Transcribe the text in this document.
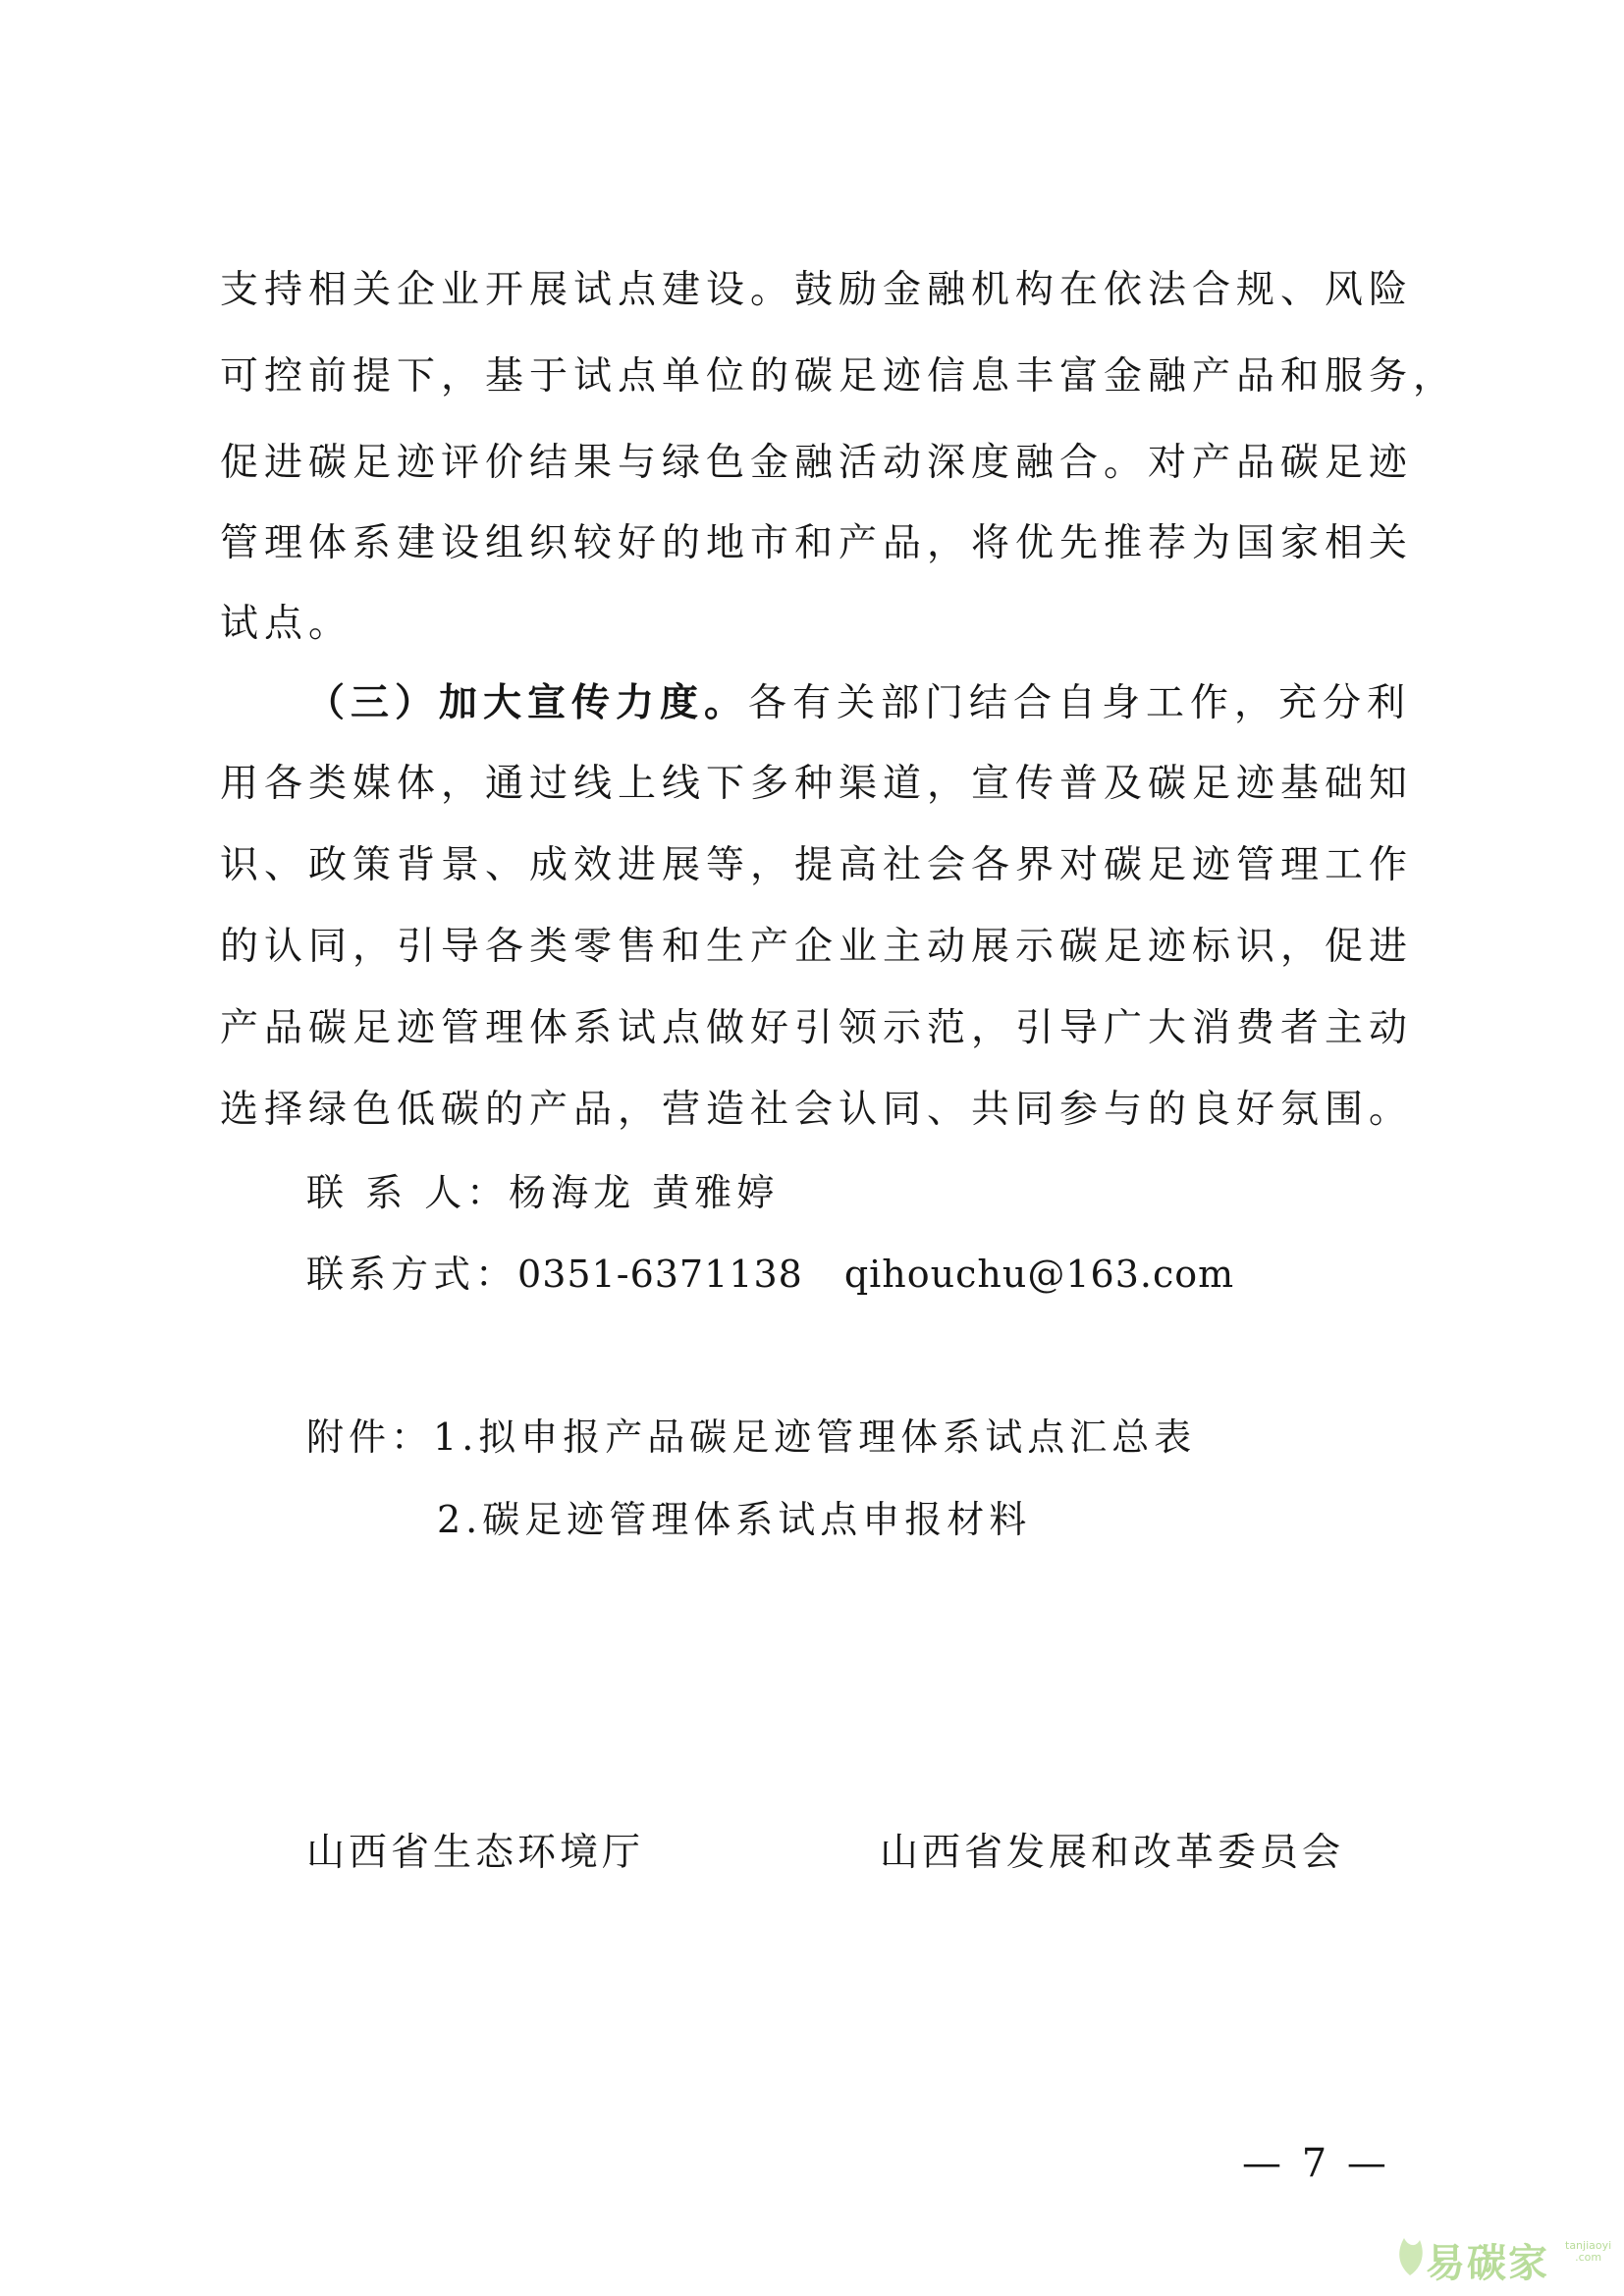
支持相关企业开展试点建设。鼓励金融机构在依法合规、风险
可控前提下，基于试点单位的碳足迹信息丰富金融产品和服务，
促进碳足迹评价结果与绿色金融活动深度融合。对产品碳足迹
管理体系建设组织较好的地市和产品，将优先推荐为国家相关
试点。
（三）加大宣传力度。各有关部门结合自身工作，充分利
用各类媒体，通过线上线下多种渠道，宣传普及碳足迹基础知
识、政策背景、成效进展等，提高社会各界对碳足迹管理工作
的认同，引导各类零售和生产企业主动展示碳足迹标识，促进
产品碳足迹管理体系试点做好引领示范，引导广大消费者主动
选择绿色低碳的产品，营造社会认同、共同参与的良好氛围。
联 系 人：杨海龙 黄雅婷
联系方式：0351-6371138 qihouchu@163.com
附件：1.拟申报产品碳足迹管理体系试点汇总表
2.碳足迹管理体系试点申报材料
山西省生态环境厅	山西省发展和改革委员会
— 7 —
易碳家 tanjiaoyi
.com
